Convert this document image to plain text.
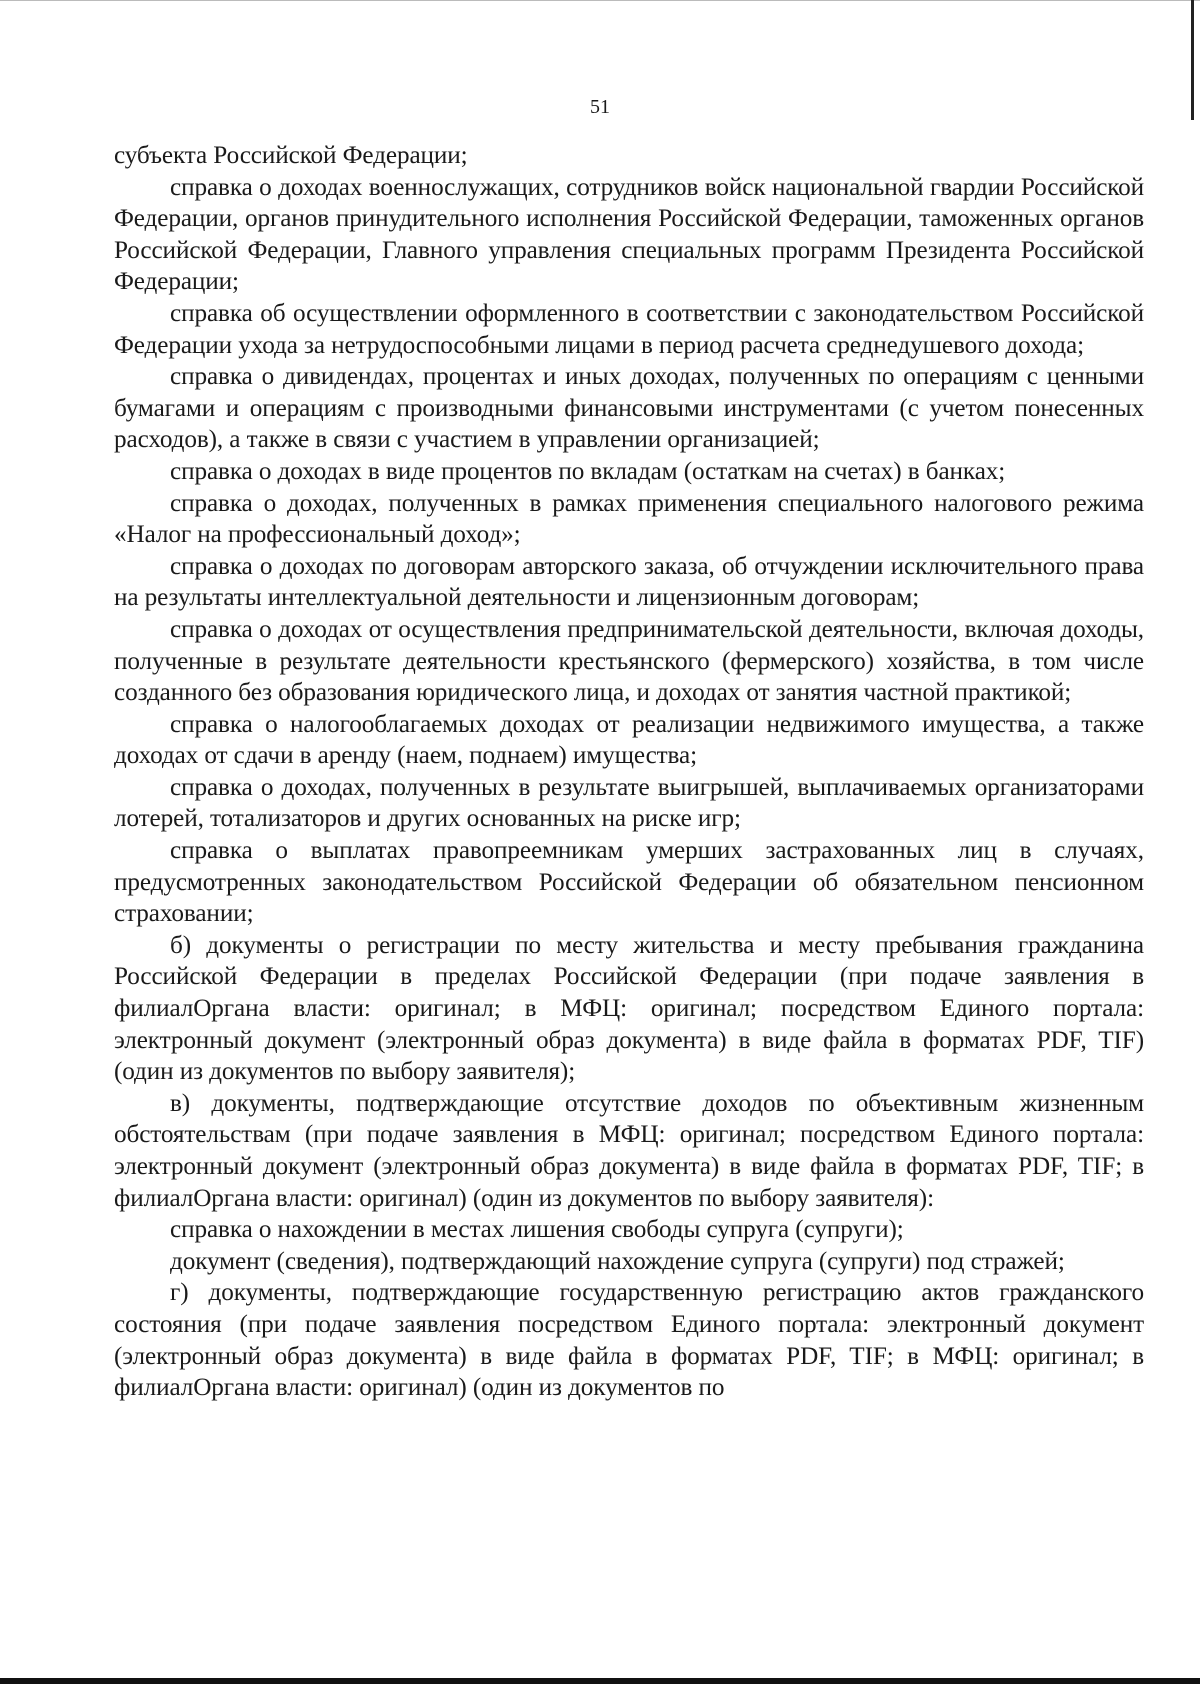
51

субъекта Российской Федерации;

справка о доходах военнослужащих, сотрудников войск национальной гвардии Российской Федерации, органов принудительного исполнения Российской Федерации, таможенных органов Российской Федерации, Главного управления специальных программ Президента Российской Федерации;

справка об осуществлении оформленного в соответствии с законодательством Российской Федерации ухода за нетрудоспособными лицами в период расчета среднедушевого дохода;

справка о дивидендах, процентах и иных доходах, полученных по операциям с ценными бумагами и операциям с производными финансовыми инструментами (с учетом понесенных расходов), а также в связи с участием в управлении организацией;

справка о доходах в виде процентов по вкладам (остаткам на счетах) в банках;

справка о доходах, полученных в рамках применения специального налогового режима «Налог на профессиональный доход»;

справка о доходах по договорам авторского заказа, об отчуждении исключительного права на результаты интеллектуальной деятельности и лицензионным договорам;

справка о доходах от осуществления предпринимательской деятельности, включая доходы, полученные в результате деятельности крестьянского (фермерского) хозяйства, в том числе созданного без образования юридического лица, и доходах от занятия частной практикой;

справка о налогооблагаемых доходах от реализации недвижимого имущества, а также доходах от сдачи в аренду (наем, поднаем) имущества;

справка о доходах, полученных в результате выигрышей, выплачиваемых организаторами лотерей, тотализаторов и других основанных на риске игр;

справка о выплатах правопреемникам умерших застрахованных лиц в случаях, предусмотренных законодательством Российской Федерации об обязательном пенсионном страховании;

б) документы о регистрации по месту жительства и месту пребывания гражданина Российской Федерации в пределах Российской Федерации (при подаче заявления в филиалОргана власти: оригинал; в МФЦ: оригинал; посредством Единого портала: электронный документ (электронный образ документа) в виде файла в форматах PDF, TIF) (один из документов по выбору заявителя);

в) документы, подтверждающие отсутствие доходов по объективным жизненным обстоятельствам (при подаче заявления в МФЦ: оригинал; посредством Единого портала: электронный документ (электронный образ документа) в виде файла в форматах PDF, TIF; в филиалОргана власти: оригинал) (один из документов по выбору заявителя):

справка о нахождении в местах лишения свободы супруга (супруги);

документ (сведения), подтверждающий нахождение супруга (супруги) под стражей;

г) документы, подтверждающие государственную регистрацию актов гражданского состояния (при подаче заявления посредством Единого портала: электронный документ (электронный образ документа) в виде файла в форматах PDF, TIF; в МФЦ: оригинал; в филиалОргана власти: оригинал) (один из документов по
